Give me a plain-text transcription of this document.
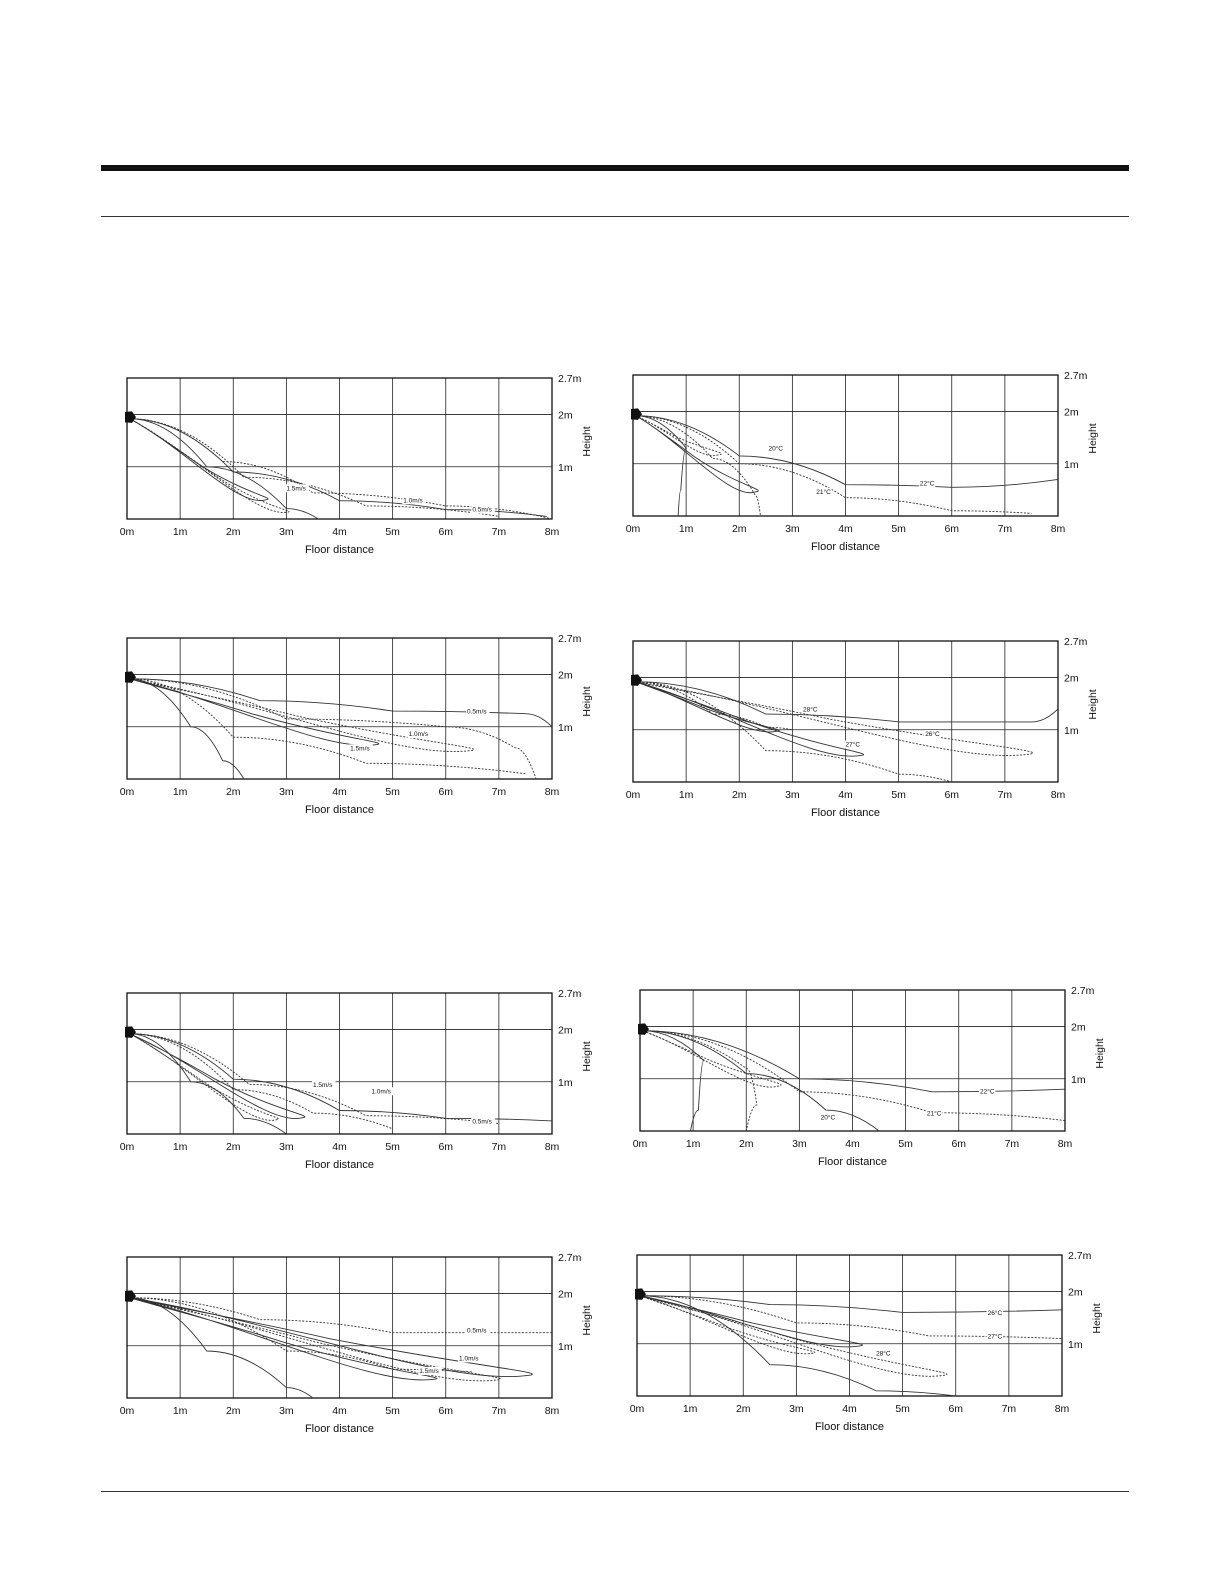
0m	1m	2m	3m	4m	5m	6m	7m	8m
2.7m
2m
1m
Floor distance
Height
1.5m/s
1.0m/s
0.5m/s
0m	1m	2m	3m	4m	5m	6m	7m	8m
2.7m
2m
1m
Floor distance
Height
20°C
21°C
22°C
0m	1m	2m	3m	4m	5m	6m	7m	8m
2.7m
2m
1m
Floor distance
Height
0.5m/s
1.0m/s
1.5m/s
0m	1m	2m	3m	4m	5m	6m	7m	8m
2.7m
2m
1m
Floor distance
Height
28°C
27°C
26°C
0m	1m	2m	3m	4m	5m	6m	7m	8m
2.7m
2m
1m
Floor distance
Height
1.5m/s
1.0m/s
0.5m/s
0m	1m	2m	3m	4m	5m	6m	7m	8m
2.7m
2m
1m
Floor distance
Height
22°C
21°C
20°C
0m	1m	2m	3m	4m	5m	6m	7m	8m
2.7m
2m
1m
Floor distance
Height
0.5m/s
1.0m/s
1.5m/s
0m	1m	2m	3m	4m	5m	6m	7m	8m
2.7m
2m
1m
Floor distance
Height
26°C
27°C
28°C
